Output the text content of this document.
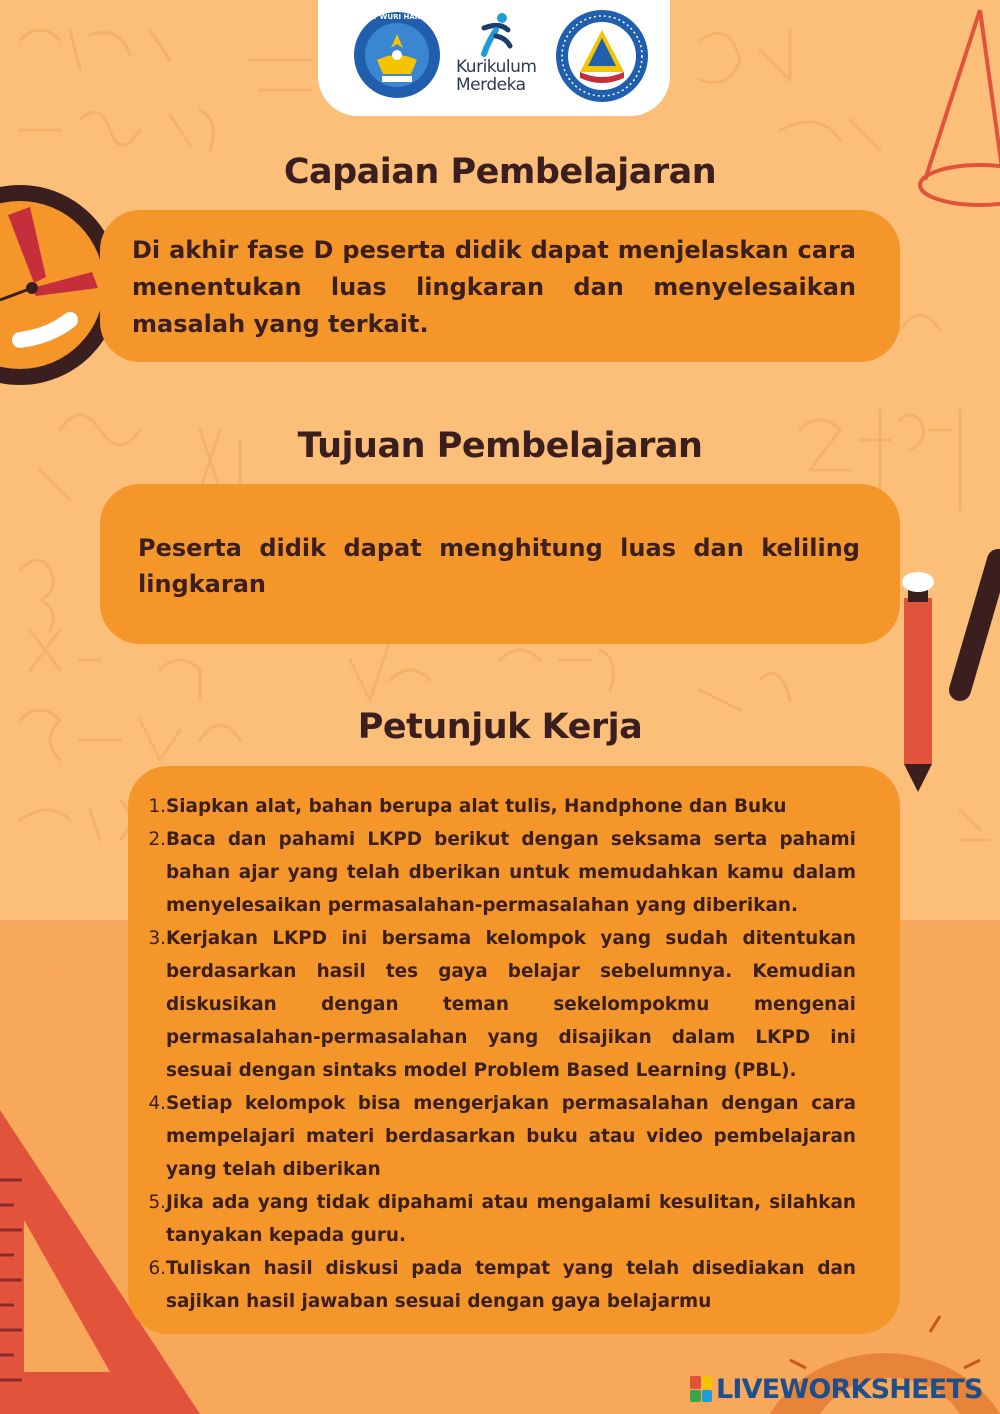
TUT WURI HANDAYANI
Kurikulum
Merdeka
Capaian Pembelajaran

Di akhir fase D peserta didik dapat menjelaskan cara menentukan luas lingkaran dan menyelesaikan masalah yang terkait.

Tujuan Pembelajaran

Peserta didik dapat menghitung luas dan keliling lingkaran

Petunjuk Kerja
1. Siapkan alat, bahan berupa alat tulis, Handphone dan Buku
2. Baca dan pahami LKPD berikut dengan seksama serta pahami bahan ajar yang telah dberikan untuk memudahkan kamu dalam menyelesaikan permasalahan-permasalahan yang diberikan.
3. Kerjakan LKPD ini bersama kelompok yang sudah ditentukan berdasarkan hasil tes gaya belajar sebelumnya. Kemudian diskusikan dengan teman sekelompokmu mengenai permasalahan-permasalahan yang disajikan dalam LKPD ini sesuai dengan sintaks model Problem Based Learning (PBL).
4. Setiap kelompok bisa mengerjakan permasalahan dengan cara mempelajari materi berdasarkan buku atau video pembelajaran yang telah diberikan
5. Jika ada yang tidak dipahami atau mengalami kesulitan, silahkan tanyakan kepada guru.
6. Tuliskan hasil diskusi pada tempat yang telah disediakan dan sajikan hasil jawaban sesuai dengan gaya belajarmu
LIVEWORKSHEETS
